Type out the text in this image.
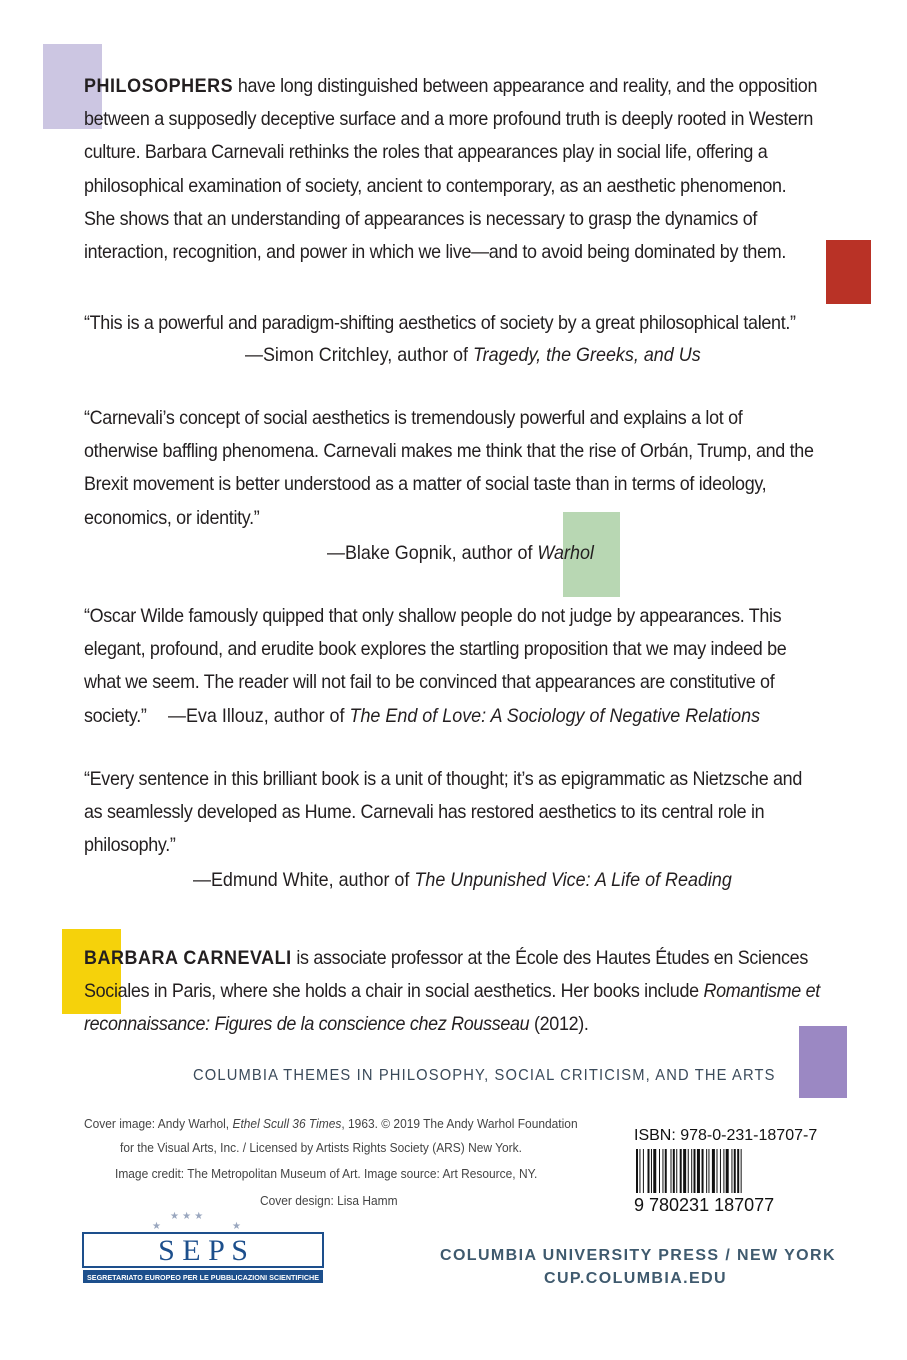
PHILOSOPHERS have long distinguished between appearance and reality, and the opposition between a supposedly deceptive surface and a more profound truth is deeply rooted in Western culture. Barbara Carnevali rethinks the roles that appearances play in social life, offering a philosophical examination of society, ancient to contemporary, as an aesthetic phenomenon. She shows that an understanding of appearances is necessary to grasp the dynamics of interaction, recognition, and power in which we live—and to avoid being dominated by them.
“This is a powerful and paradigm-shifting aesthetics of society by a great philosophical talent.”
—Simon Critchley, author of Tragedy, the Greeks, and Us
“Carnevali’s concept of social aesthetics is tremendously powerful and explains a lot of otherwise baffling phenomena. Carnevali makes me think that the rise of Orbán, Trump, and the Brexit movement is better understood as a matter of social taste than in terms of ideology, economics, or identity.”
—Blake Gopnik, author of Warhol
“Oscar Wilde famously quipped that only shallow people do not judge by appearances. This elegant, profound, and erudite book explores the startling proposition that we may indeed be what we seem. The reader will not fail to be convinced that appearances are constitutive of society.”	—Eva Illouz, author of The End of Love: A Sociology of Negative Relations
“Every sentence in this brilliant book is a unit of thought; it’s as epigrammatic as Nietzsche and as seamlessly developed as Hume. Carnevali has restored aesthetics to its central role in philosophy.”
—Edmund White, author of The Unpunished Vice: A Life of Reading
BARBARA CARNEVALI is associate professor at the École des Hautes Études en Sciences Sociales in Paris, where she holds a chair in social aesthetics. Her books include Romantisme et reconnaissance: Figures de la conscience chez Rousseau (2012).
COLUMBIA THEMES IN PHILOSOPHY, SOCIAL CRITICISM, AND THE ARTS
Cover image: Andy Warhol, Ethel Scull 36 Times, 1963. © 2019 The Andy Warhol Foundation
for the Visual Arts, Inc. / Licensed by Artists Rights Society (ARS) New York.
Image credit: The Metropolitan Museum of Art. Image source: Art Resource, NY.
Cover design: Lisa Hamm
ISBN: 978-0-231-18707-7
9 780231 187077
★ ★ ★
★	★
S E P S
SEGRETARIATO EUROPEO PER LE PUBBLICAZIONI SCIENTIFICHE
COLUMBIA UNIVERSITY PRESS / NEW YORK
CUP.COLUMBIA.EDU
